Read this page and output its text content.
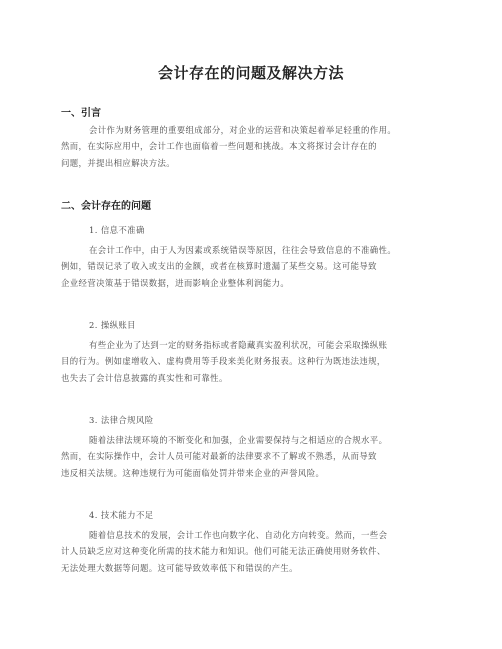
会计存在的问题及解决方法
一、引言
会计作为财务管理的重要组成部分，对企业的运营和决策起着举足轻重的作用。
然而，在实际应用中，会计工作也面临着一些问题和挑战。本文将探讨会计存在的
问题，并提出相应解决方法。
二、会计存在的问题
1. 信息不准确
在会计工作中，由于人为因素或系统错误等原因，往往会导致信息的不准确性。
例如，错误记录了收入或支出的金额，或者在核算时遗漏了某些交易。这可能导致
企业经营决策基于错误数据，进而影响企业整体利润能力。
2. 操纵账目
有些企业为了达到一定的财务指标或者隐藏真实盈利状况，可能会采取操纵账
目的行为。例如虚增收入、虚构费用等手段来美化财务报表。这种行为既违法违规，
也失去了会计信息披露的真实性和可靠性。
3. 法律合规风险
随着法律法规环境的不断变化和加强，企业需要保持与之相适应的合规水平。
然而，在实际操作中，会计人员可能对最新的法律要求不了解或不熟悉，从而导致
违反相关法规。这种违规行为可能面临处罚并带来企业的声誉风险。
4. 技术能力不足
随着信息技术的发展，会计工作也向数字化、自动化方向转变。然而，一些会
计人员缺乏应对这种变化所需的技术能力和知识。他们可能无法正确使用财务软件、
无法处理大数据等问题。这可能导致效率低下和错误的产生。
